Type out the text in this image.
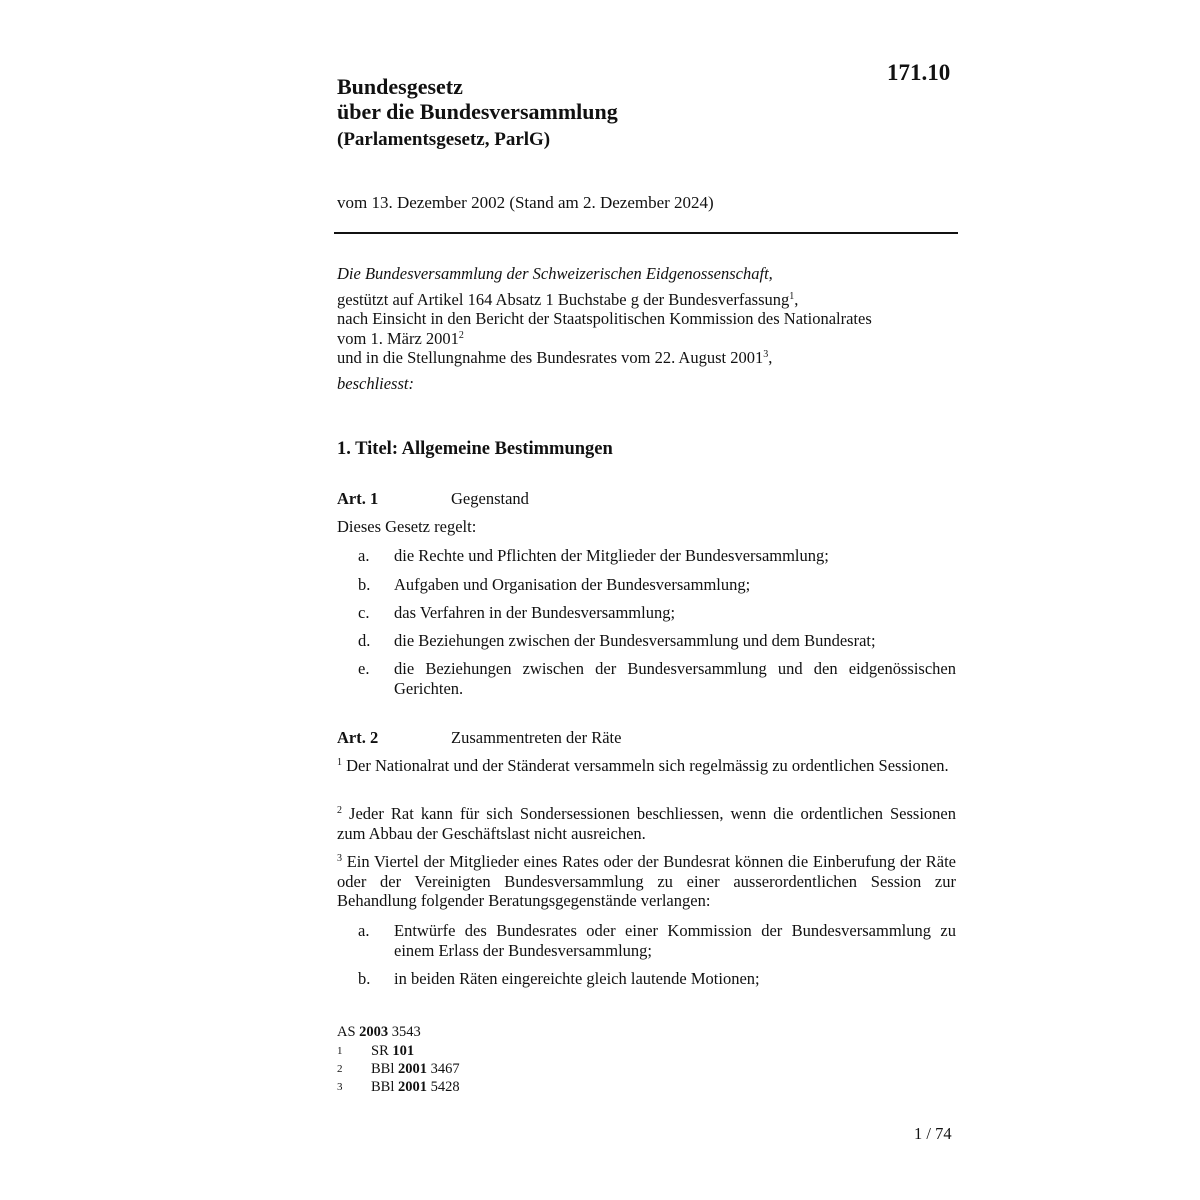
171.10
Bundesgesetz
über die Bundesversammlung
(Parlamentsgesetz, ParlG)
vom 13. Dezember 2002 (Stand am 2. Dezember 2024)
Die Bundesversammlung der Schweizerischen Eidgenossenschaft,
gestützt auf Artikel 164 Absatz 1 Buchstabe g der Bundesverfassung$^1$,
nach Einsicht in den Bericht der Staatspolitischen Kommission des Nationalrates
vom 1. März 2001$^2$
und in die Stellungnahme des Bundesrates vom 22. August 2001$^3$,
beschliesst:
1. Titel: Allgemeine Bestimmungen
Art. 1	Gegenstand
Dieses Gesetz regelt:
a. die Rechte und Pflichten der Mitglieder der Bundesversammlung;
b. Aufgaben und Organisation der Bundesversammlung;
c. das Verfahren in der Bundesversammlung;
d. die Beziehungen zwischen der Bundesversammlung und dem Bundesrat;
e. die Beziehungen zwischen der Bundesversammlung und den eidgenössischen Gerichten.
Art. 2	Zusammentreten der Räte
$^1$ Der Nationalrat und der Ständerat versammeln sich regelmässig zu ordentlichen Sessionen.
$^2$ Jeder Rat kann für sich Sondersessionen beschliessen, wenn die ordentlichen Sessionen zum Abbau der Geschäftslast nicht ausreichen.
$^3$ Ein Viertel der Mitglieder eines Rates oder der Bundesrat können die Einberufung der Räte oder der Vereinigten Bundesversammlung zu einer ausserordentlichen Session zur Behandlung folgender Beratungsgegenstände verlangen:
a. Entwürfe des Bundesrates oder einer Kommission der Bundesversammlung zu einem Erlass der Bundesversammlung;
b. in beiden Räten eingereichte gleich lautende Motionen;
AS 2003 3543
1 SR 101
2 BBl 2001 3467
3 BBl 2001 5428
1 / 74
